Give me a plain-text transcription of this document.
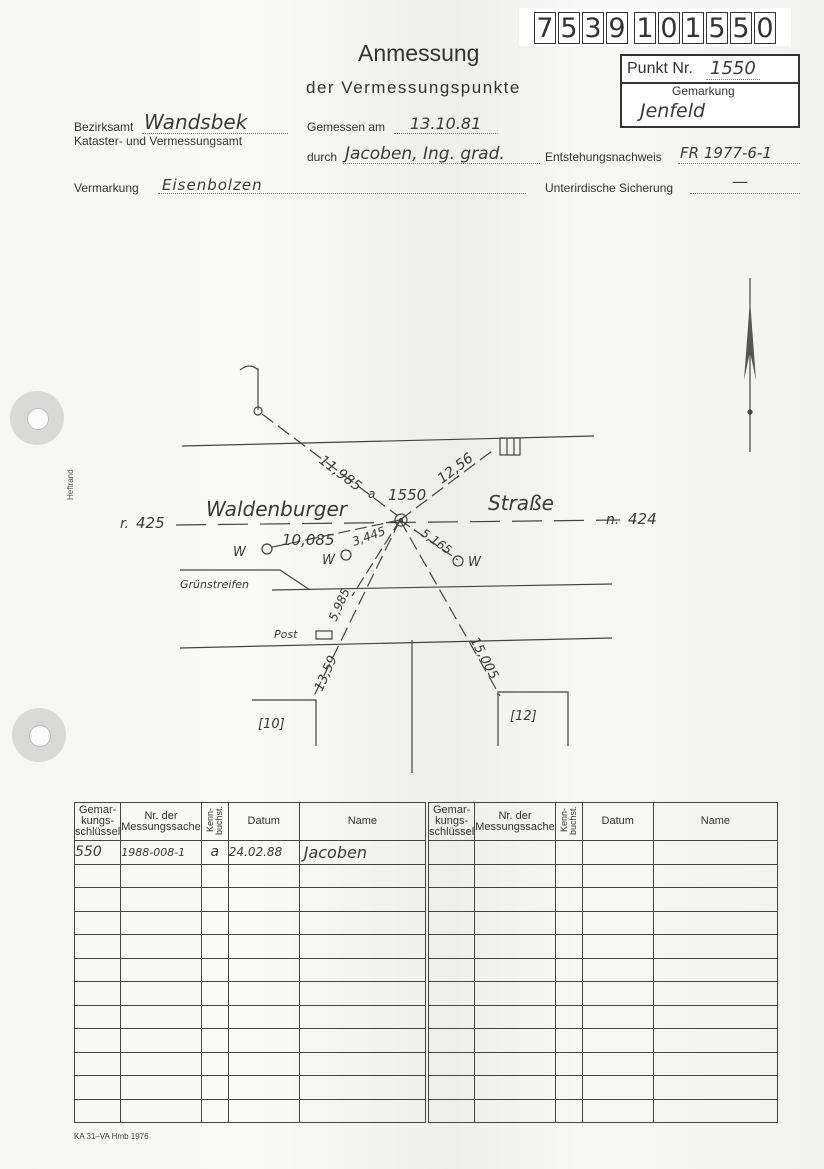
7 5 3 9 1 0 1 5 5 0
Anmessung
der Vermessungspunkte
Punkt Nr. 1550
Gemarkung
Jenfeld
Bezirksamt Wandsbek
Kataster- und Vermessungsamt
Gemessen am 13.10.81
durch Jacoben, Ing. grad.	Entstehungsnachweis FR 1977-6-1
Vermarkung Eisenbolzen	Unterirdische Sicherung	—
Heftrand
Waldenburger	Straße
r. 425	n. 424
1550
a
11,985	12,56
10,085 3,445	5,165
5,985
13,59	15,005
W
W	W
Grünstreifen
Post
[10]
[12]
Gemar-kungs-schlüssel	Nr. der Messungssache	Kenn-buchst.	Datum	Name
550	1988-008-1	a	24.02.88	Jacoben

Gemar-kungs-schlüssel	Nr. der Messungssache	Kenn-buchst.	Datum	Name

KA 31–VA Hmb 1976
